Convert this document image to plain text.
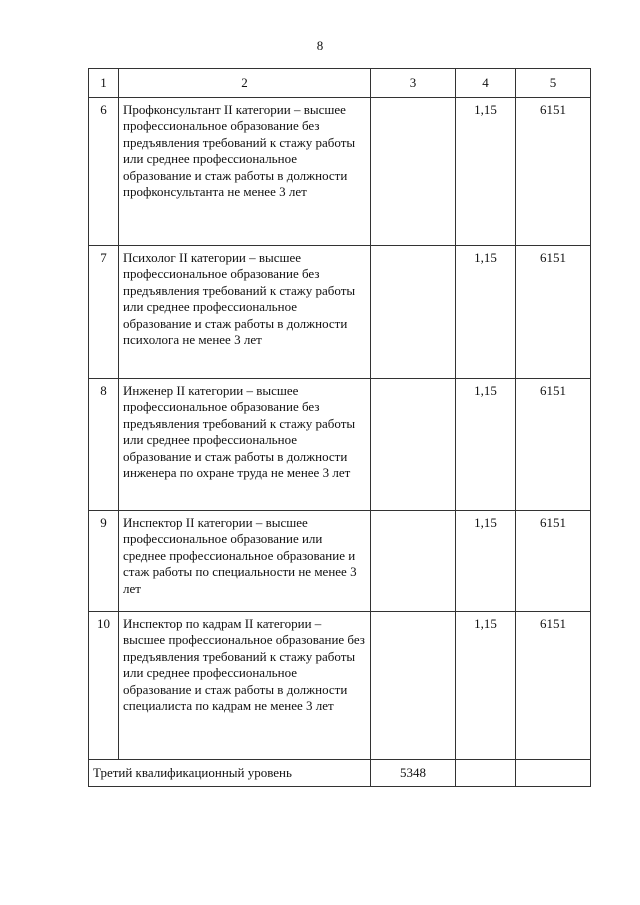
8
1	2	3	4	5
6	Профконсультант II категории – высшее профессиональное образование без предъявления требований к стажу работы или среднее профессиональное образование и стаж работы в должности профконсультанта не менее 3 лет		1,15	6151
7	Психолог II категории – высшее профессиональное образование без предъявления требований к стажу работы или среднее профессиональное образование и стаж работы в должности психолога не менее 3 лет		1,15	6151
8	Инженер II категории – высшее профессиональное образование без предъявления требований к стажу работы или среднее профессиональное образование и стаж работы в должности инженера по охране труда не менее 3 лет		1,15	6151
9	Инспектор II категории – высшее профессиональное образование или среднее профессиональное образование и стаж работы по специальности не менее 3 лет		1,15	6151
10	Инспектор по кадрам II категории – высшее профессиональное образование без предъявления требований к стажу работы или среднее профессиональное образование и стаж работы в должности специалиста по кадрам не менее 3 лет		1,15	6151
Третий квалификационный уровень		5348		
